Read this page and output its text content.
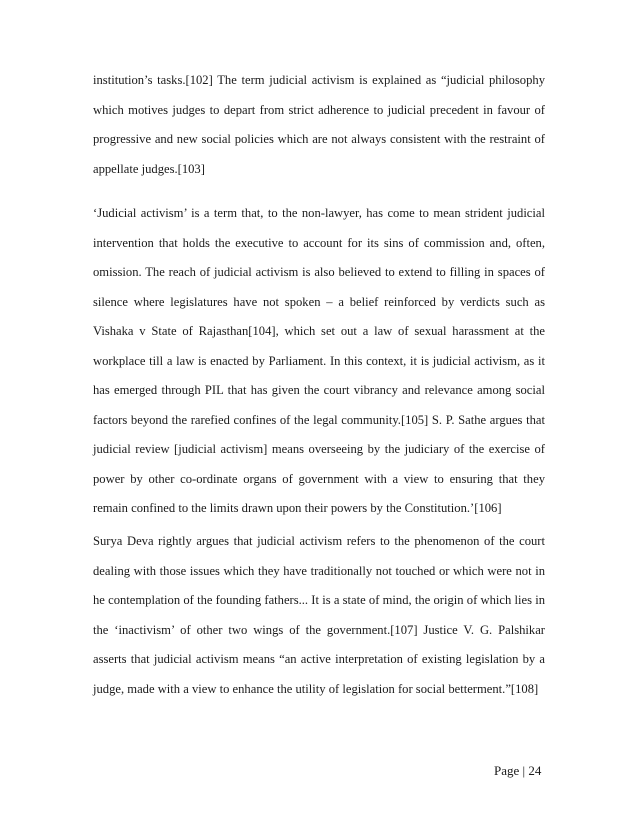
institution’s tasks.[102] The term judicial activism is explained as “judicial philosophy
which motives judges to depart from strict adherence to judicial precedent in favour of
progressive and new social policies which are not always consistent with the restraint of
appellate judges.[103]
‘Judicial activism’ is a term that, to the non-lawyer, has come to mean strident judicial
intervention that holds the executive to account for its sins of commission and, often,
omission. The reach of judicial activism is also believed to extend to filling in spaces of
silence where legislatures have not spoken – a belief reinforced by verdicts such as
Vishaka v State of Rajasthan[104], which set out a law of sexual harassment at the
workplace till a law is enacted by Parliament. In this context, it is judicial activism, as it
has emerged through PIL that has given the court vibrancy and relevance among social
factors beyond the rarefied confines of the legal community.[105] S. P. Sathe argues that
judicial review [judicial activism] means overseeing by the judiciary of the exercise of
power by other co-ordinate organs of government with a view to ensuring that they
remain confined to the limits drawn upon their powers by the Constitution.’[106]
Surya Deva rightly argues that judicial activism refers to the phenomenon of the court
dealing with those issues which they have traditionally not touched or which were not in
he contemplation of the founding fathers... It is a state of mind, the origin of which lies in
the ‘inactivism’ of other two wings of the government.[107] Justice V. G. Palshikar
asserts that judicial activism means “an active interpretation of existing legislation by a
judge, made with a view to enhance the utility of legislation for social betterment.”[108]
Page | 24
